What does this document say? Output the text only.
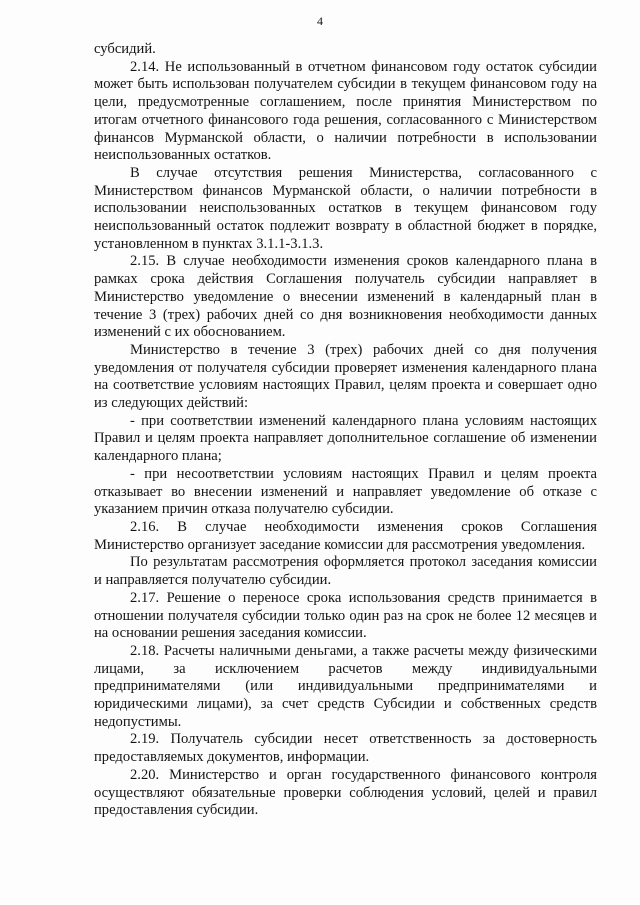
4

субсидий.

2.14. Не использованный в отчетном финансовом году остаток субсидии может быть использован получателем субсидии в текущем финансовом году на цели, предусмотренные соглашением, после принятия Министерством по итогам отчетного финансового года решения, согласованного с Министерством финансов Мурманской области, о наличии потребности в использовании неиспользованных остатков.

В случае отсутствия решения Министерства, согласованного с Министерством финансов Мурманской области, о наличии потребности в использовании неиспользованных остатков в текущем финансовом году неиспользованный остаток подлежит возврату в областной бюджет в порядке, установленном в пунктах 3.1.1-3.1.3.

2.15. В случае необходимости изменения сроков календарного плана в рамках срока действия Соглашения получатель субсидии направляет в Министерство уведомление о внесении изменений в календарный план в течение 3 (трех) рабочих дней со дня возникновения необходимости данных изменений с их обоснованием.

Министерство в течение 3 (трех) рабочих дней со дня получения уведомления от получателя субсидии проверяет изменения календарного плана на соответствие условиям настоящих Правил, целям проекта и совершает одно из следующих действий:

- при соответствии изменений календарного плана условиям настоящих Правил и целям проекта направляет дополнительное соглашение об изменении календарного плана;

- при несоответствии условиям настоящих Правил и целям проекта отказывает во внесении изменений и направляет уведомление об отказе с указанием причин отказа получателю субсидии.

2.16. В случае необходимости изменения сроков Соглашения Министерство организует заседание комиссии для рассмотрения уведомления.

По результатам рассмотрения оформляется протокол заседания комиссии и направляется получателю субсидии.

2.17. Решение о переносе срока использования средств принимается в отношении получателя субсидии только один раз на срок не более 12 месяцев и на основании решения заседания комиссии.

2.18. Расчеты наличными деньгами, а также расчеты между физическими лицами, за исключением расчетов между индивидуальными предпринимателями (или индивидуальными предпринимателями и юридическими лицами), за счет средств Субсидии и собственных средств недопустимы.

2.19. Получатель субсидии несет ответственность за достоверность предоставляемых документов, информации.

2.20. Министерство и орган государственного финансового контроля осуществляют обязательные проверки соблюдения условий, целей и правил предоставления субсидии.
